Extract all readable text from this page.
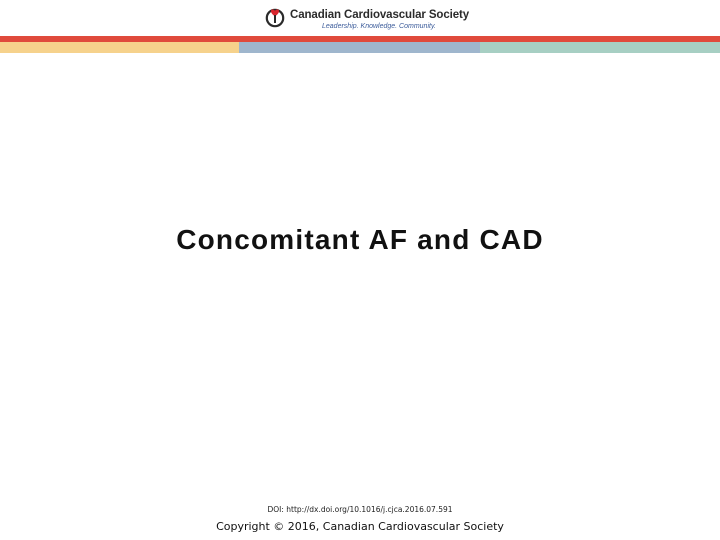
Canadian Cardiovascular Society
Leadership. Knowledge. Community.
Concomitant AF and CAD
DOI: http://dx.doi.org/10.1016/j.cjca.2016.07.591
Copyright © 2016, Canadian Cardiovascular Society
